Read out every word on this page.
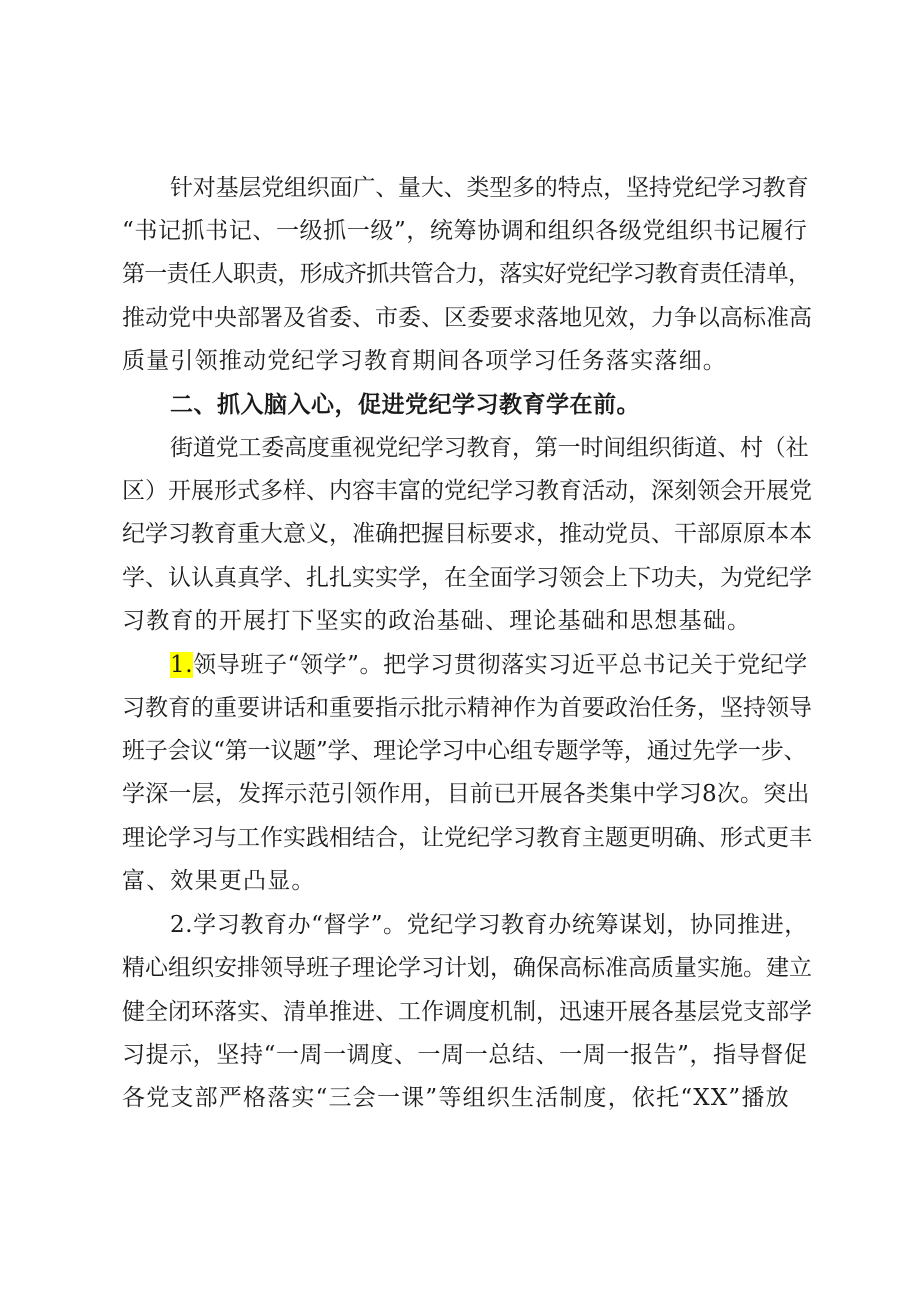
针对基层党组织面广、量大、类型多的特点，坚持党纪学习教育
“书记抓书记、一级抓一级”，统筹协调和组织各级党组织书记履行
第一责任人职责，形成齐抓共管合力，落实好党纪学习教育责任清单，
推动党中央部署及省委、市委、区委要求落地见效，力争以高标准高
质量引领推动党纪学习教育期间各项学习任务落实落细。
二、抓入脑入心，促进党纪学习教育学在前。
街道党工委高度重视党纪学习教育，第一时间组织街道、村（社
区）开展形式多样、内容丰富的党纪学习教育活动，深刻领会开展党
纪学习教育重大意义，准确把握目标要求，推动党员、干部原原本本
学、认认真真学、扎扎实实学，在全面学习领会上下功夫，为党纪学
习教育的开展打下坚实的政治基础、理论基础和思想基础。
1.领导班子“领学”。把学习贯彻落实习近平总书记关于党纪学
习教育的重要讲话和重要指示批示精神作为首要政治任务，坚持领导
班子会议“第一议题”学、理论学习中心组专题学等，通过先学一步、
学深一层，发挥示范引领作用，目前已开展各类集中学习8次。突出
理论学习与工作实践相结合，让党纪学习教育主题更明确、形式更丰
富、效果更凸显。
2.学习教育办“督学”。党纪学习教育办统筹谋划，协同推进，
精心组织安排领导班子理论学习计划，确保高标准高质量实施。建立
健全闭环落实、清单推进、工作调度机制，迅速开展各基层党支部学
习提示，坚持“一周一调度、一周一总结、一周一报告”，指导督促
各党支部严格落实“三会一课”等组织生活制度，依托“XX”播放
